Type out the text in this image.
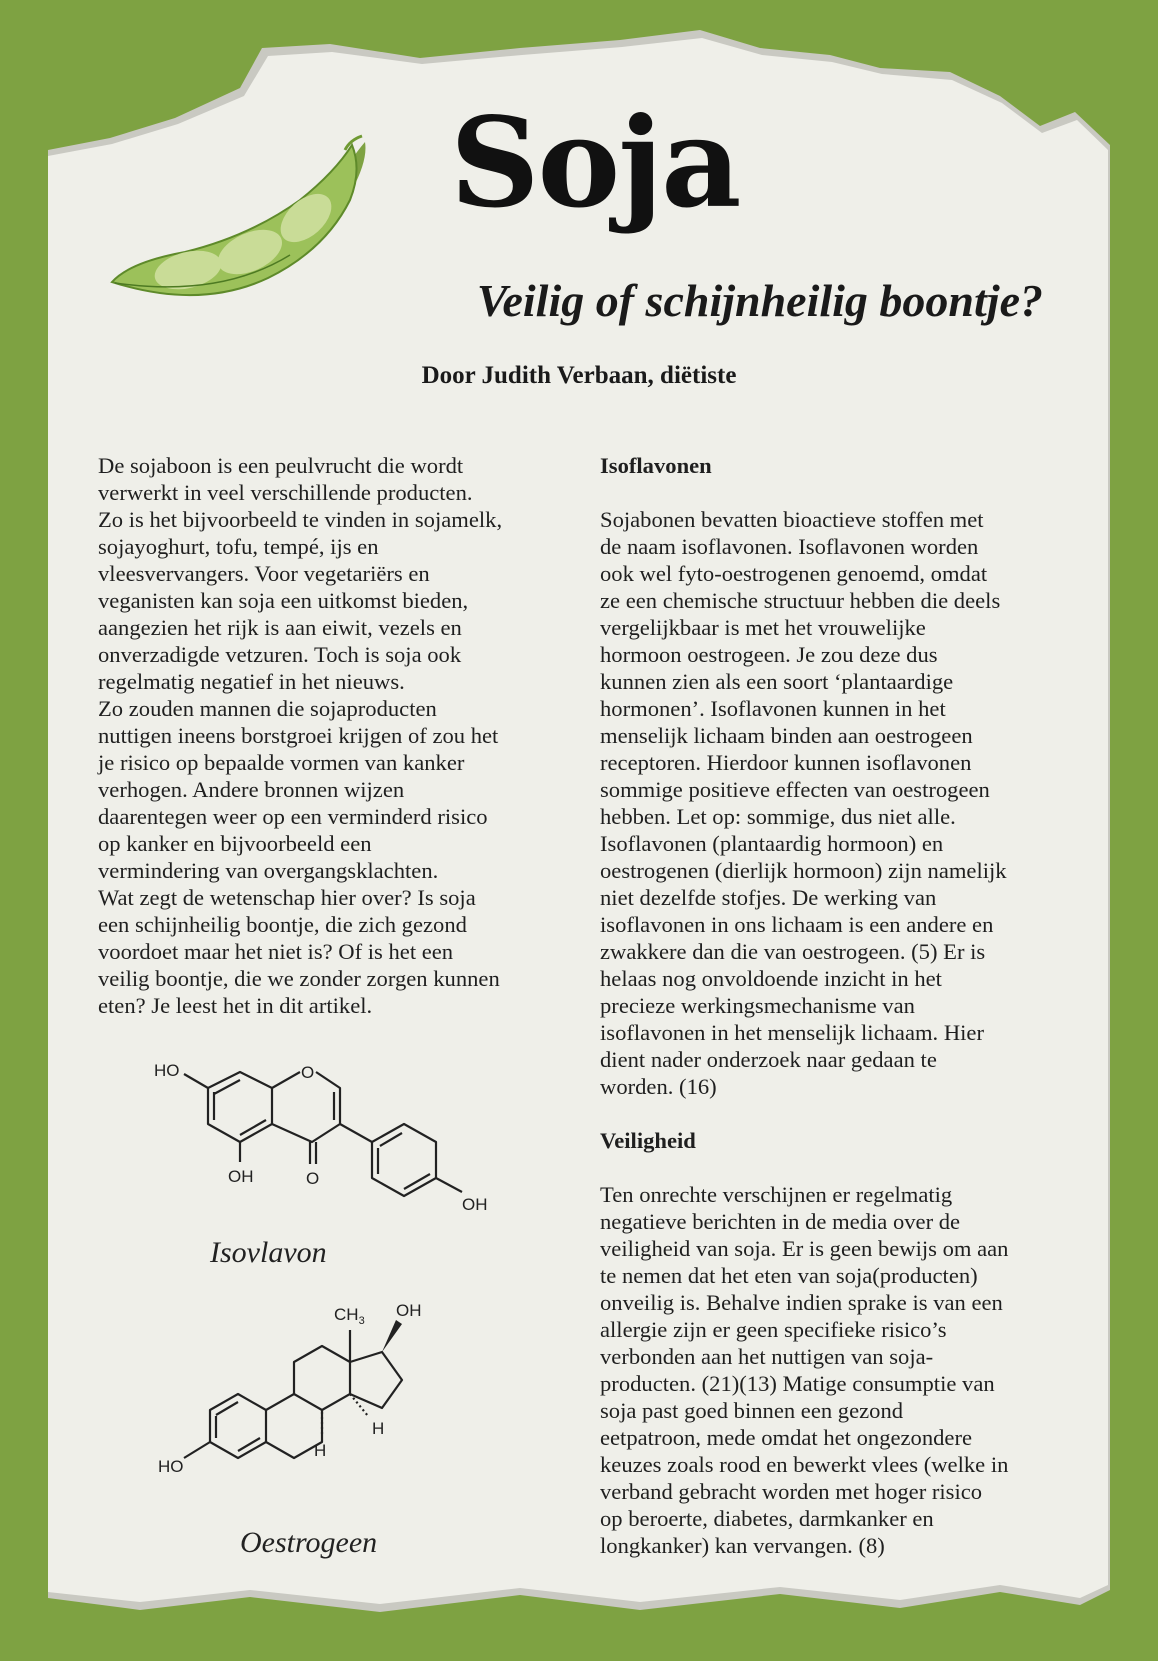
Soja
Veilig of schijnheilig boontje?
Door Judith Verbaan, diëtiste

De sojaboon is een peulvrucht die wordt
verwerkt in veel verschillende producten.
Zo is het bijvoorbeeld te vinden in sojamelk,
sojayoghurt, tofu, tempé, ijs en
vleesvervangers. Voor vegetariërs en
veganisten kan soja een uitkomst bieden,
aangezien het rijk is aan eiwit, vezels en
onverzadigde vetzuren. Toch is soja ook
regelmatig negatief in het nieuws.
Zo zouden mannen die sojaproducten
nuttigen ineens borstgroei krijgen of zou het
je risico op bepaalde vormen van kanker
verhogen. Andere bronnen wijzen
daarentegen weer op een verminderd risico
op kanker en bijvoorbeeld een
vermindering van overgangsklachten.
Wat zegt de wetenschap hier over? Is soja
een schijnheilig boontje, die zich gezond
voordoet maar het niet is? Of is het een
veilig boontje, die we zonder zorgen kunnen
eten? Je leest het in dit artikel.

Isoflavonen

Sojabonen bevatten bioactieve stoffen met
de naam isoflavonen. Isoflavonen worden
ook wel fyto-oestrogenen genoemd, omdat
ze een chemische structuur hebben die deels
vergelijkbaar is met het vrouwelijke
hormoon oestrogeen. Je zou deze dus
kunnen zien als een soort ‘plantaardige
hormonen’. Isoflavonen kunnen in het
menselijk lichaam binden aan oestrogeen
receptoren. Hierdoor kunnen isoflavonen
sommige positieve effecten van oestrogeen
hebben. Let op: sommige, dus niet alle.
Isoflavonen (plantaardig hormoon) en
oestrogenen (dierlijk hormoon) zijn namelijk
niet dezelfde stofjes. De werking van
isoflavonen in ons lichaam is een andere en
zwakkere dan die van oestrogeen. (5) Er is
helaas nog onvoldoende inzicht in het
precieze werkingsmechanisme van
isoflavonen in het menselijk lichaam. Hier
dient nader onderzoek naar gedaan te
worden. (16)

Veiligheid

Ten onrechte verschijnen er regelmatig
negatieve berichten in de media over de
veiligheid van soja. Er is geen bewijs om aan
te nemen dat het eten van soja(producten)
onveilig is. Behalve indien sprake is van een
allergie zijn er geen specifieke risico’s
verbonden aan het nuttigen van soja-
producten. (21)(13) Matige consumptie van
soja past goed binnen een gezond
eetpatroon, mede omdat het ongezondere
keuzes zoals rood en bewerkt vlees (welke in
verband gebracht worden met hoger risico
op beroerte, diabetes, darmkanker en
longkanker) kan vervangen. (8)

HO	O
OH	O
OH
Isovlavon
$CH_3$
OH
H
H
HO
Oestrogeen
